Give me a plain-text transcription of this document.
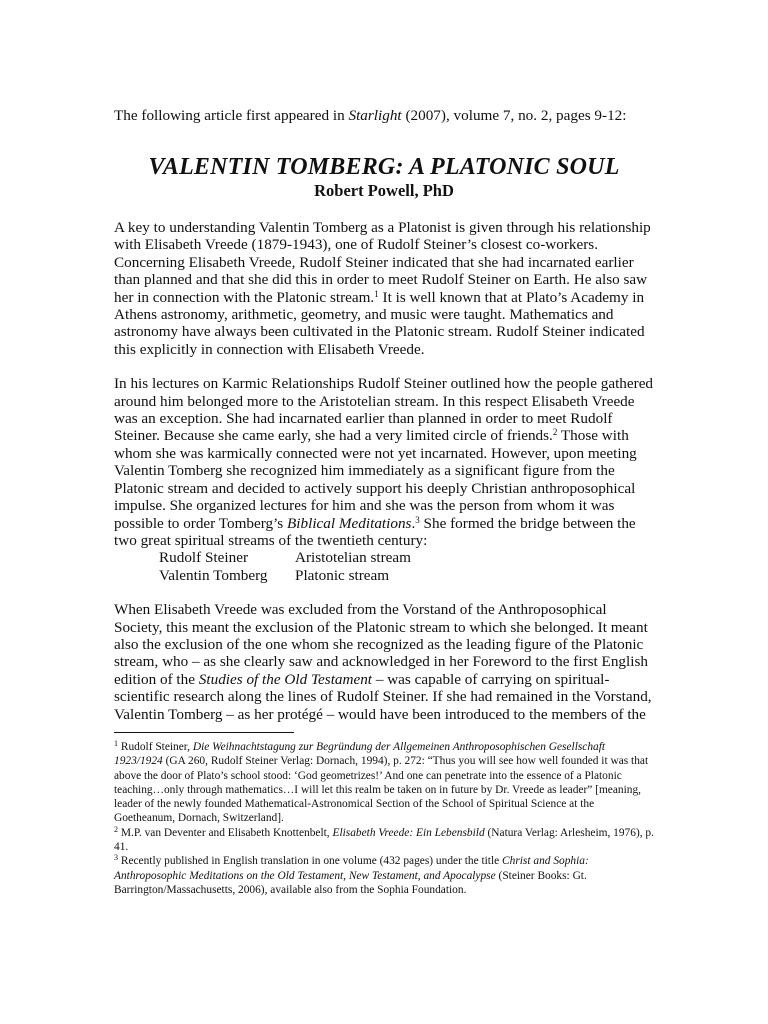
The following article first appeared in Starlight (2007), volume 7, no. 2, pages 9-12:

VALENTIN TOMBERG: A PLATONIC SOUL

Robert Powell, PhD

A key to understanding Valentin Tomberg as a Platonist is given through his relationship with Elisabeth Vreede (1879-1943), one of Rudolf Steiner’s closest co-workers. Concerning Elisabeth Vreede, Rudolf Steiner indicated that she had incarnated earlier than planned and that she did this in order to meet Rudolf Steiner on Earth. He also saw her in connection with the Platonic stream.$^1$ It is well known that at Plato’s Academy in Athens astronomy, arithmetic, geometry, and music were taught. Mathematics and astronomy have always been cultivated in the Platonic stream. Rudolf Steiner indicated this explicitly in connection with Elisabeth Vreede.

In his lectures on Karmic Relationships Rudolf Steiner outlined how the people gathered around him belonged more to the Aristotelian stream. In this respect Elisabeth Vreede was an exception. She had incarnated earlier than planned in order to meet Rudolf Steiner. Because she came early, she had a very limited circle of friends.$^2$ Those with whom she was karmically connected were not yet incarnated. However, upon meeting Valentin Tomberg she recognized him immediately as a significant figure from the Platonic stream and decided to actively support his deeply Christian anthroposophical impulse. She organized lectures for him and she was the person from whom it was possible to order Tomberg’s Biblical Meditations.$^3$ She formed the bridge between the two great spiritual streams of the twentieth century:

Rudolf Steiner	Aristotelian stream
Valentin Tomberg	Platonic stream

When Elisabeth Vreede was excluded from the Vorstand of the Anthroposophical Society, this meant the exclusion of the Platonic stream to which she belonged. It meant also the exclusion of the one whom she recognized as the leading figure of the Platonic stream, who – as she clearly saw and acknowledged in her Foreword to the first English edition of the Studies of the Old Testament – was capable of carrying on spiritual-scientific research along the lines of Rudolf Steiner. If she had remained in the Vorstand, Valentin Tomberg – as her protégé – would have been introduced to the members of the

$^1$ Rudolf Steiner, Die Weihnachtstagung zur Begründung der Allgemeinen Anthroposophischen Gesellschaft 1923/1924 (GA 260, Rudolf Steiner Verlag: Dornach, 1994), p. 272: “Thus you will see how well founded it was that above the door of Plato’s school stood: ‘God geometrizes!’ And one can penetrate into the essence of a Platonic teaching…only through mathematics…I will let this realm be taken on in future by Dr. Vreede as leader” [meaning, leader of the newly founded Mathematical-Astronomical Section of the School of Spiritual Science at the Goetheanum, Dornach, Switzerland].

$^2$ M.P. van Deventer and Elisabeth Knottenbelt, Elisabeth Vreede: Ein Lebensbild (Natura Verlag: Arlesheim, 1976), p. 41.

$^3$ Recently published in English translation in one volume (432 pages) under the title Christ and Sophia: Anthroposophic Meditations on the Old Testament, New Testament, and Apocalypse (Steiner Books: Gt. Barrington/Massachusetts, 2006), available also from the Sophia Foundation.
